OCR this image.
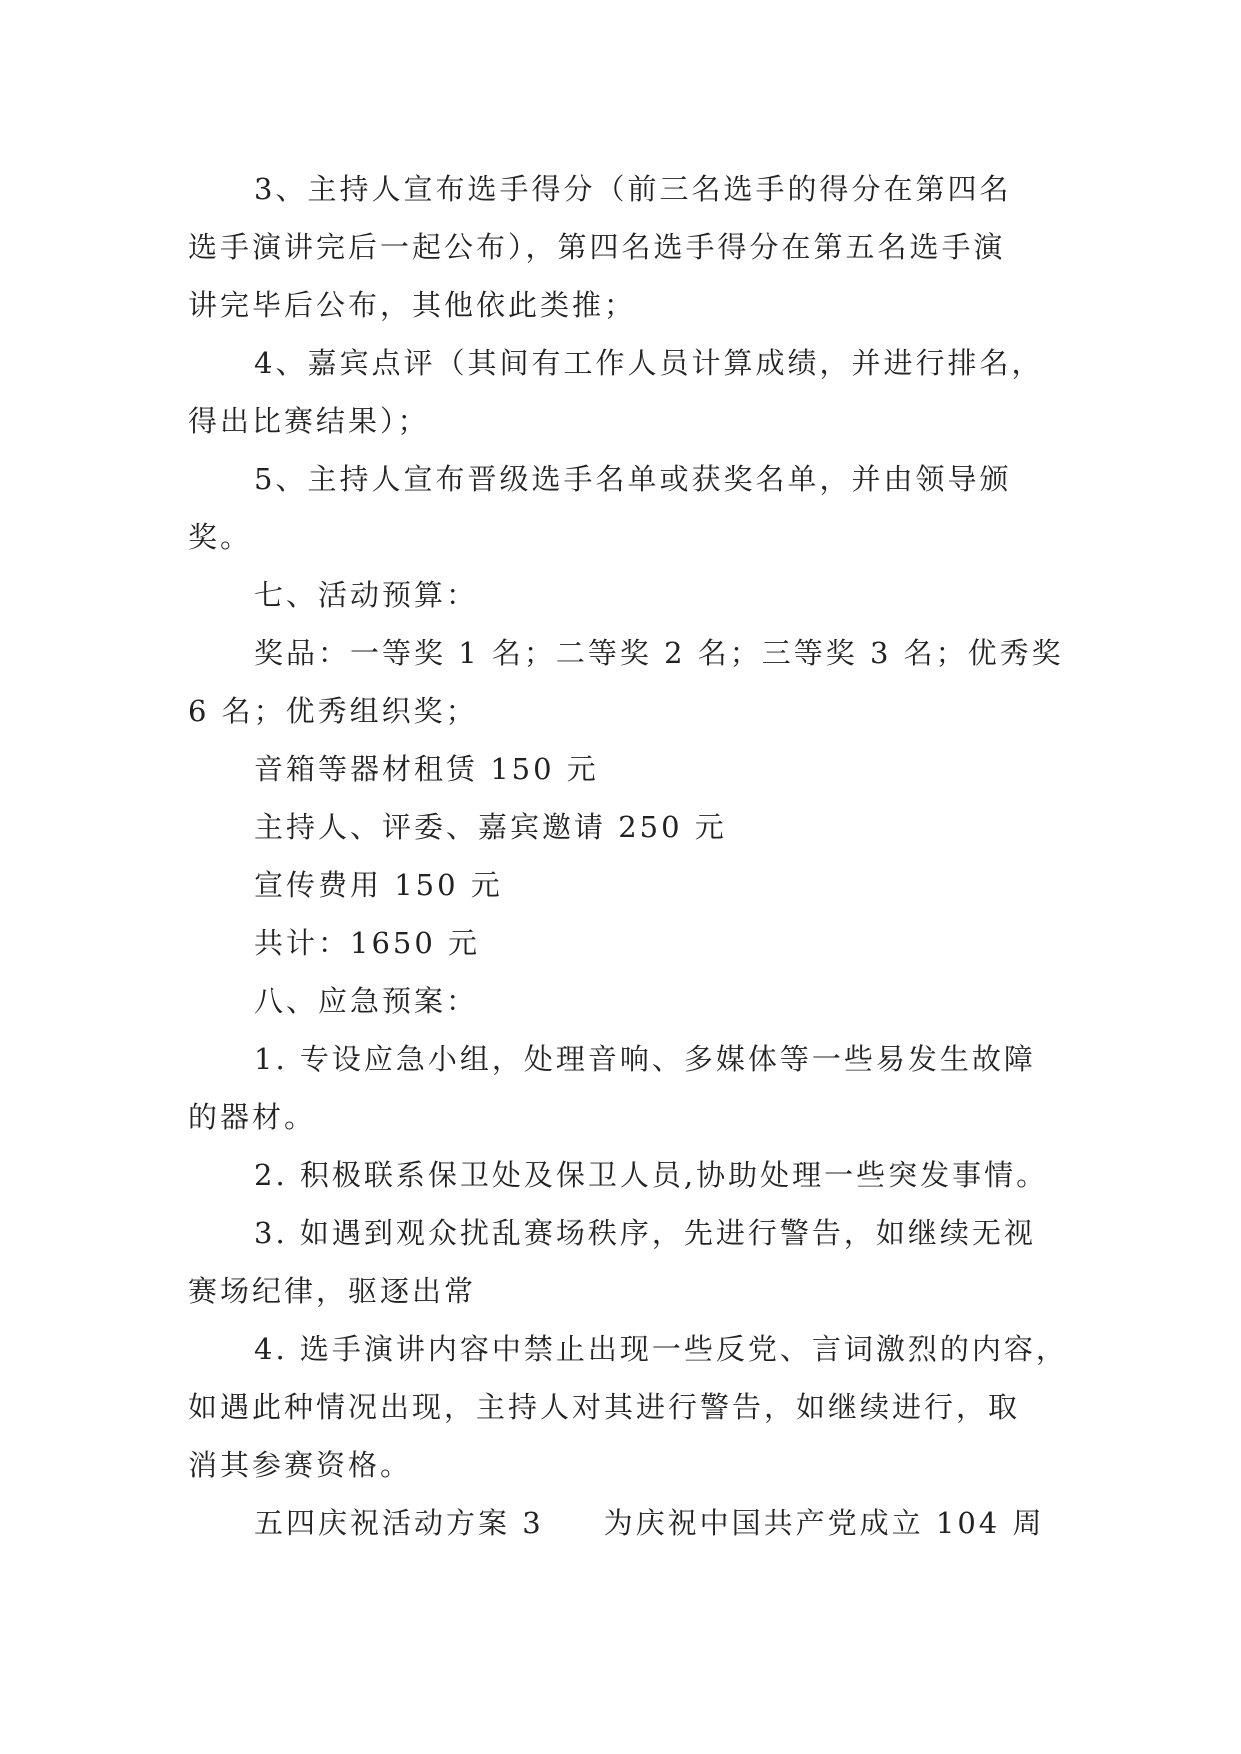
3、主持人宣布选手得分（前三名选手的得分在第四名
选手演讲完后一起公布），第四名选手得分在第五名选手演
讲完毕后公布，其他依此类推；

4、嘉宾点评（其间有工作人员计算成绩，并进行排名，
得出比赛结果）；

5、主持人宣布晋级选手名单或获奖名单，并由领导颁
奖。

七、活动预算：

奖品：一等奖 1 名；二等奖 2 名；三等奖 3 名；优秀奖
6 名；优秀组织奖；

音箱等器材租赁 150 元

主持人、评委、嘉宾邀请 250 元

宣传费用 150 元

共计：1650 元

八、应急预案：

1. 专设应急小组，处理音响、多媒体等一些易发生故障
的器材。

2. 积极联系保卫处及保卫人员,协助处理一些突发事情。

3. 如遇到观众扰乱赛场秩序，先进行警告，如继续无视
赛场纪律，驱逐出常

4. 选手演讲内容中禁止出现一些反党、言词激烈的内容，
如遇此种情况出现，主持人对其进行警告，如继续进行，取
消其参赛资格。

五四庆祝活动方案 3 为庆祝中国共产党成立 104 周
